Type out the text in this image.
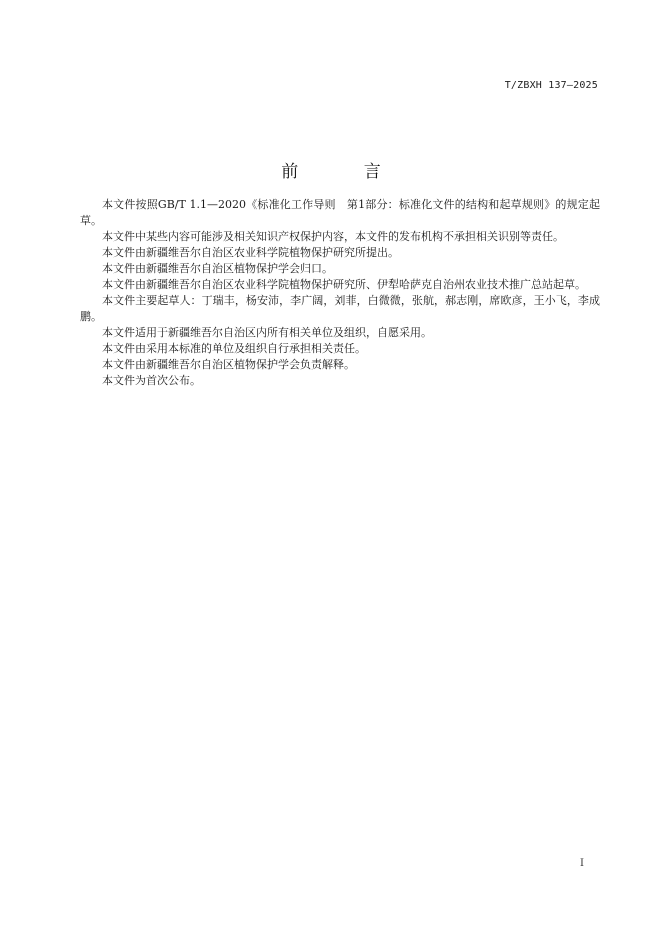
T/ZBXH 137—2025
前 言

本文件按照GB/T 1.1—2020《标准化工作导则　第1部分：标准化文件的结构和起草规则》的规定起草。

本文件中某些内容可能涉及相关知识产权保护内容，本文件的发布机构不承担相关识别等责任。

本文件由新疆维吾尔自治区农业科学院植物保护研究所提出。

本文件由新疆维吾尔自治区植物保护学会归口。

本文件由新疆维吾尔自治区农业科学院植物保护研究所、伊犁哈萨克自治州农业技术推广总站起草。

本文件主要起草人：丁瑞丰，杨安沛，李广阔，刘菲，白微微，张航，郝志刚，席欧彦，王小飞，李成鹏。

本文件适用于新疆维吾尔自治区内所有相关单位及组织，自愿采用。

本文件由采用本标准的单位及组织自行承担相关责任。

本文件由新疆维吾尔自治区植物保护学会负责解释。

本文件为首次公布。

I
